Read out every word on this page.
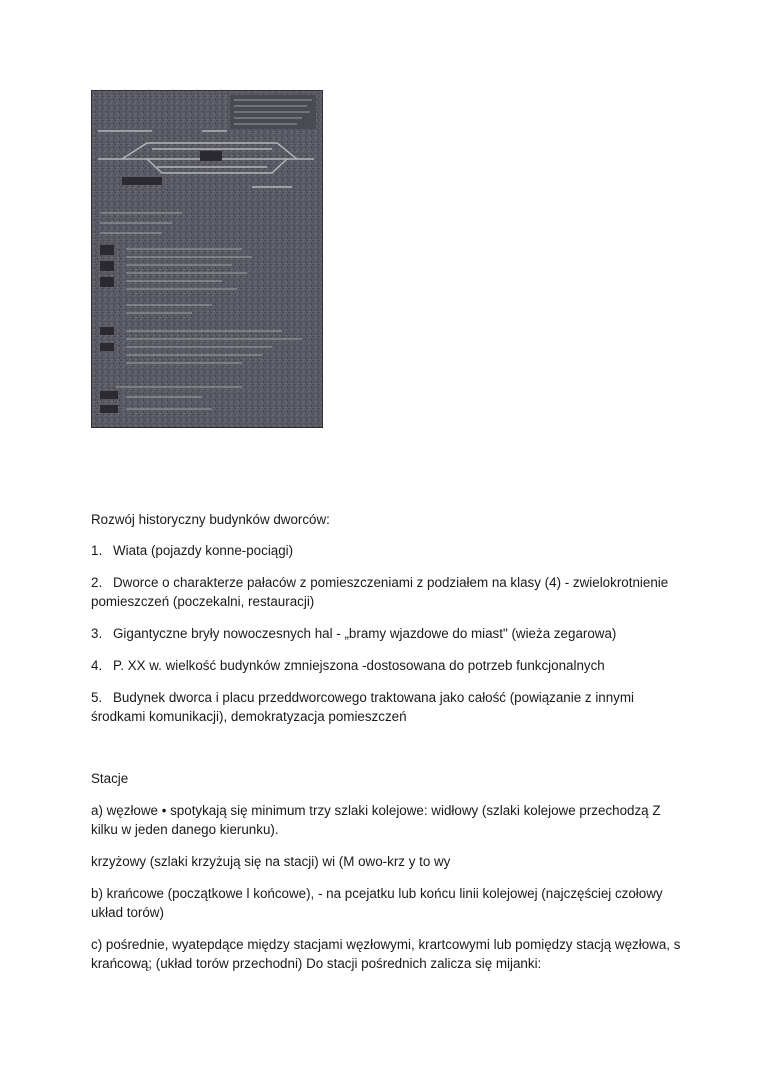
Rozwój historyczny budynków dworców:

1. Wiata (pojazdy konne-pociągi)

2. Dworce o charakterze pałaców z pomieszczeniami z podziałem na klasy (4) - zwielokrotnienie pomieszczeń (poczekalni, restauracji)

3. Gigantyczne bryły nowoczesnych hal - „bramy wjazdowe do miast" (wieża zegarowa)

4. P. XX w. wielkość budynków zmniejszona -dostosowana do potrzeb funkcjonalnych

5. Budynek dworca i placu przeddworcowego traktowana jako całość (powiązanie z innymi środkami komunikacji), demokratyzacja pomieszczeń

Stacje

a) węzłowe • spotykają się minimum trzy szlaki kolejowe: widłowy (szlaki kolejowe przechodzą Z kilku w jeden danego kierunku).

krzyżowy (szlaki krzyżują się na stacji) wi (M owo-krz y to wy

b) krańcowe (początkowe l końcowe), - na pcejatku lub końcu linii kolejowej (najczęściej czołowy układ torów)

c) pośrednie, wyatepdące między stacjami węzłowymi, krartcowymi lub pomiędzy stacją węzłowa, s krańcową; (układ torów przechodni) Do stacji pośrednich zalicza się mijanki:
